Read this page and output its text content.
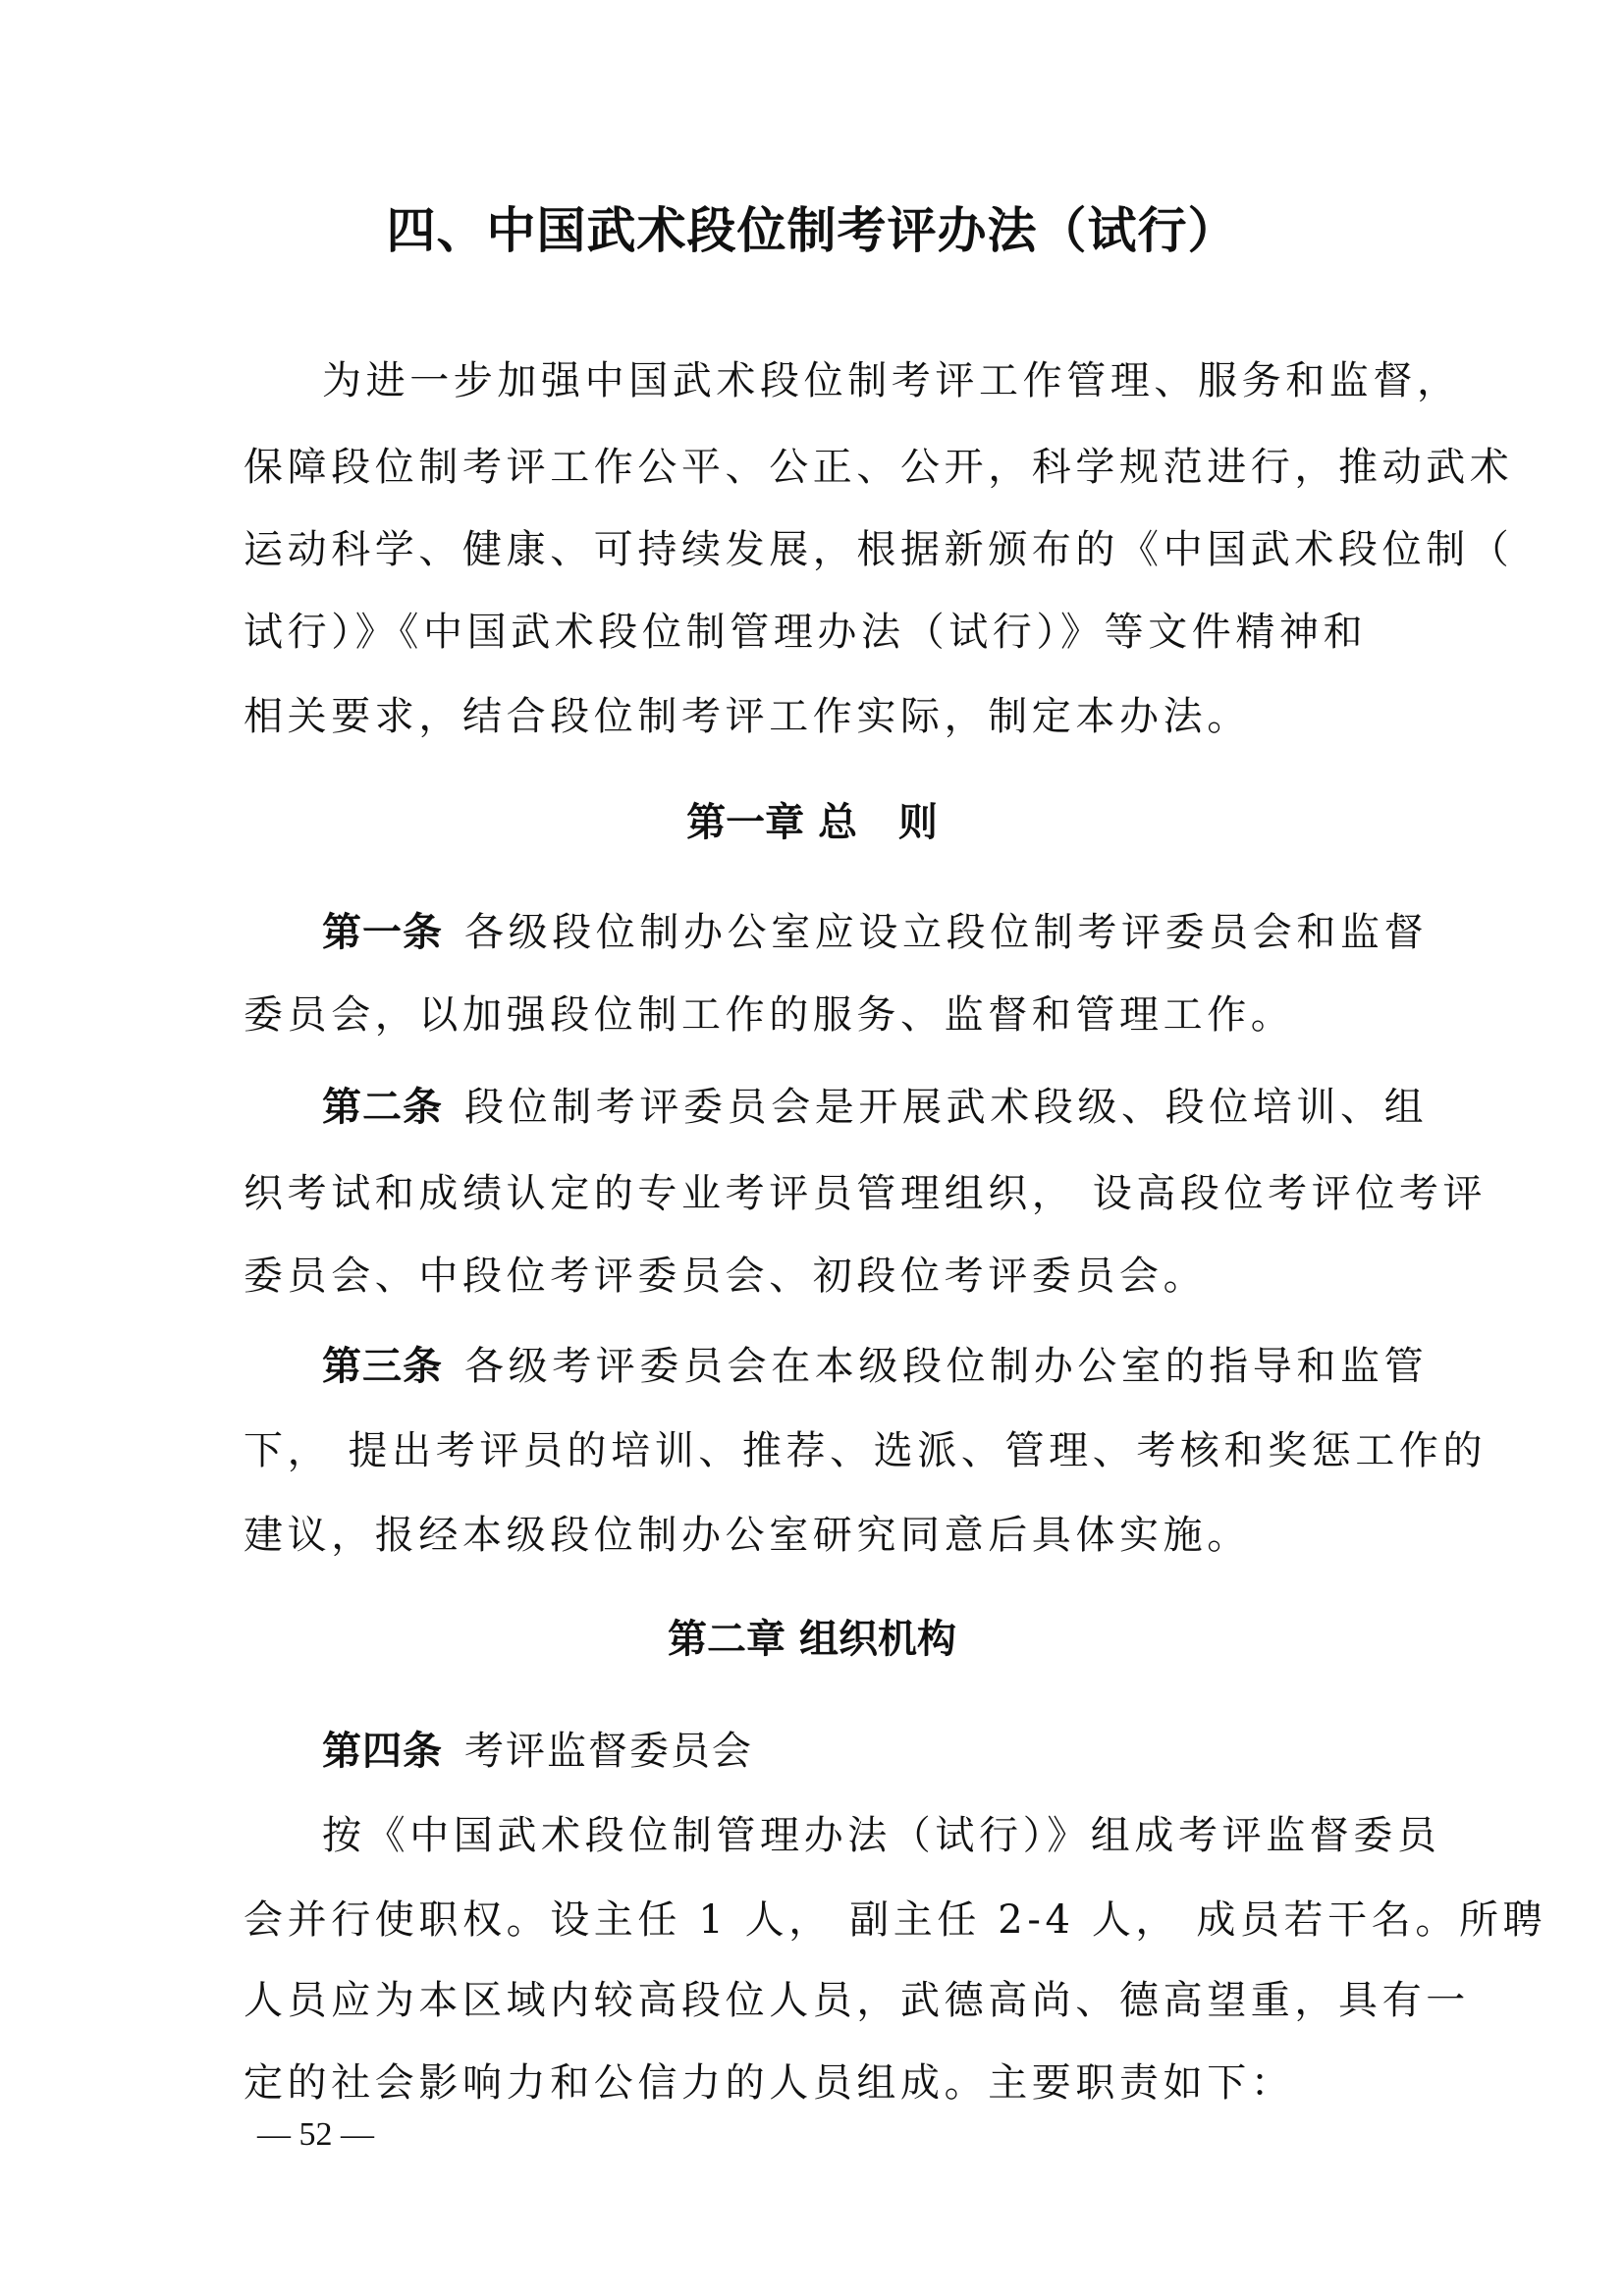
四、中国武术段位制考评办法（试行）
为进一步加强中国武术段位制考评工作管理、服务和监督，
保障段位制考评工作公平、公正、公开，科学规范进行，推动武术
运动科学、健康、可持续发展，根据新颁布的《中国武术段位制（
试行）》《中国武术段位制管理办法（试行）》等文件精神和
相关要求，结合段位制考评工作实际，制定本办法。
第一章 总   则
第一条 各级段位制办公室应设立段位制考评委员会和监督
委员会，以加强段位制工作的服务、监督和管理工作。
第二条 段位制考评委员会是开展武术段级、段位培训、组
织考试和成绩认定的专业考评员管理组织， 设高段位考评位考评
委员会、中段位考评委员会、初段位考评委员会。
第三条 各级考评委员会在本级段位制办公室的指导和监管
下， 提出考评员的培训、推荐、选派、管理、考核和奖惩工作的
建议，报经本级段位制办公室研究同意后具体实施。
第二章 组织机构
第四条 考评监督委员会
按《中国武术段位制管理办法（试行）》组成考评监督委员
会并行使职权。设主任 1 人， 副主任 2-4 人， 成员若干名。所聘
人员应为本区域内较高段位人员，武德高尚、德高望重，具有一
定的社会影响力和公信力的人员组成。主要职责如下：
— 52 —
